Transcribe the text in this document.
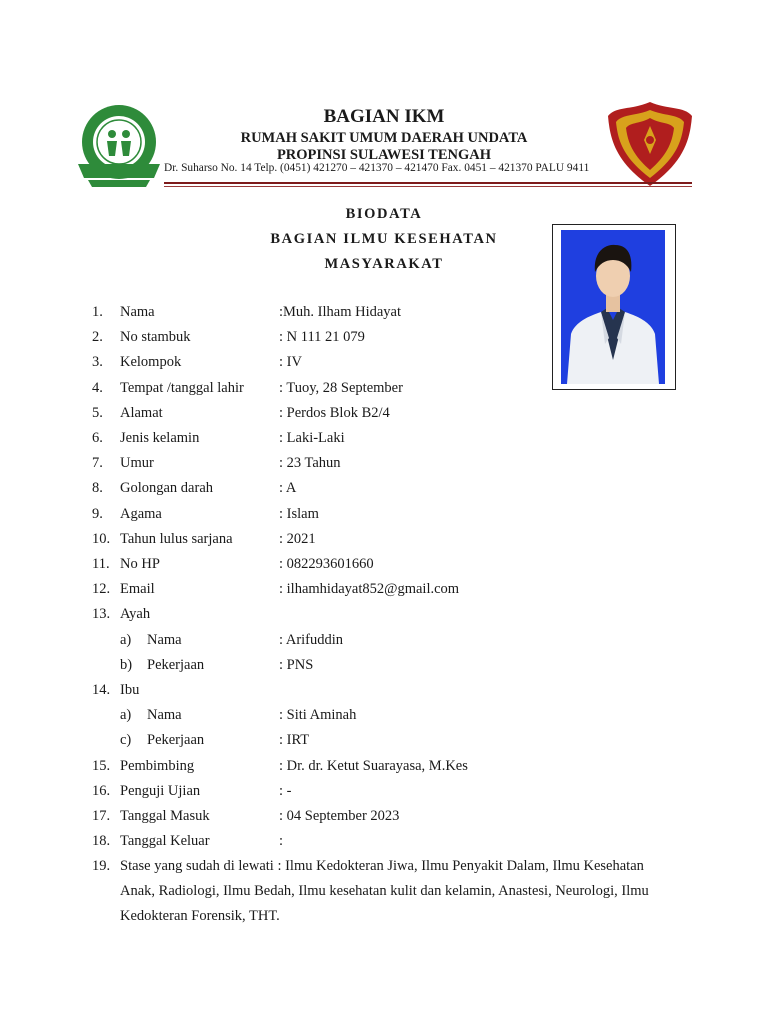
BAGIAN IKM
RUMAH SAKIT UMUM DAERAH UNDATA
PROPINSI SULAWESI TENGAH
Dr. Suharso No. 14 Telp. (0451) 421270 – 421370 – 421470 Fax. 0451 – 421370 PALU 9411
BIODATA
BAGIAN ILMU KESEHATAN
MASYARAKAT
1. Nama	:Muh. Ilham Hidayat
2. No stambuk	: N 111 21 079
3. Kelompok	: IV
4. Tempat /tanggal lahir : Tuoy, 28 September
5. Alamat	: Perdos Blok B2/4
6. Jenis kelamin	: Laki-Laki
7. Umur	: 23 Tahun
8. Golongan darah	: A
9. Agama	: Islam
10. Tahun lulus sarjana	: 2021
11. No HP	: 082293601660
12. Email	: ilhamhidayat852@gmail.com
13. Ayah
a) Nama	: Arifuddin
b) Pekerjaan	: PNS
14. Ibu
a) Nama	: Siti Aminah
c) Pekerjaan	: IRT
15. Pembimbing	: Dr. dr. Ketut Suarayasa, M.Kes
16. Penguji Ujian	: -
17. Tanggal Masuk	: 04 September 2023
18. Tanggal Keluar	:
19. Stase yang sudah di lewati : Ilmu Kedokteran Jiwa, Ilmu Penyakit Dalam, Ilmu Kesehatan Anak, Radiologi, Ilmu Bedah, Ilmu kesehatan kulit dan kelamin, Anastesi, Neurologi, Ilmu Kedokteran Forensik, THT.
